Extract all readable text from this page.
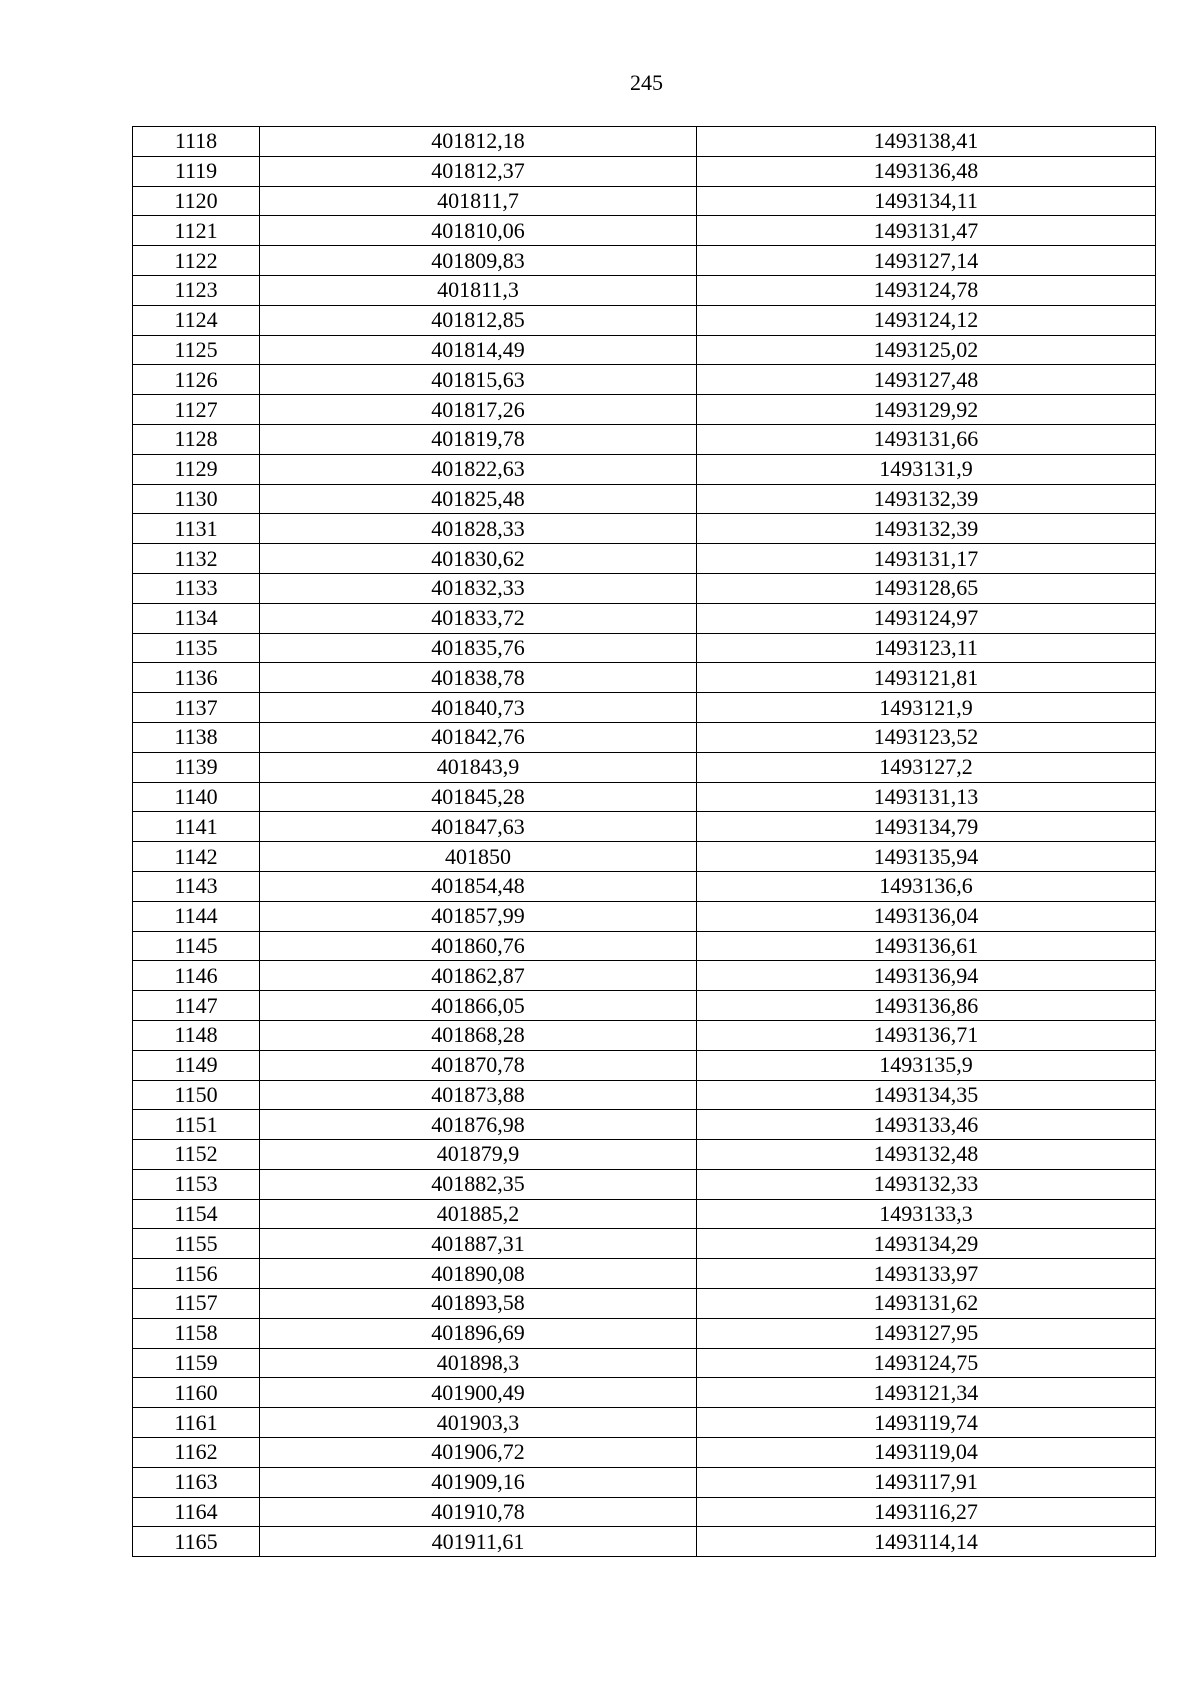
245
1118	401812,18	1493138,41
1119	401812,37	1493136,48
1120	401811,7	1493134,11
1121	401810,06	1493131,47
1122	401809,83	1493127,14
1123	401811,3	1493124,78
1124	401812,85	1493124,12
1125	401814,49	1493125,02
1126	401815,63	1493127,48
1127	401817,26	1493129,92
1128	401819,78	1493131,66
1129	401822,63	1493131,9
1130	401825,48	1493132,39
1131	401828,33	1493132,39
1132	401830,62	1493131,17
1133	401832,33	1493128,65
1134	401833,72	1493124,97
1135	401835,76	1493123,11
1136	401838,78	1493121,81
1137	401840,73	1493121,9
1138	401842,76	1493123,52
1139	401843,9	1493127,2
1140	401845,28	1493131,13
1141	401847,63	1493134,79
1142	401850	1493135,94
1143	401854,48	1493136,6
1144	401857,99	1493136,04
1145	401860,76	1493136,61
1146	401862,87	1493136,94
1147	401866,05	1493136,86
1148	401868,28	1493136,71
1149	401870,78	1493135,9
1150	401873,88	1493134,35
1151	401876,98	1493133,46
1152	401879,9	1493132,48
1153	401882,35	1493132,33
1154	401885,2	1493133,3
1155	401887,31	1493134,29
1156	401890,08	1493133,97
1157	401893,58	1493131,62
1158	401896,69	1493127,95
1159	401898,3	1493124,75
1160	401900,49	1493121,34
1161	401903,3	1493119,74
1162	401906,72	1493119,04
1163	401909,16	1493117,91
1164	401910,78	1493116,27
1165	401911,61	1493114,14
